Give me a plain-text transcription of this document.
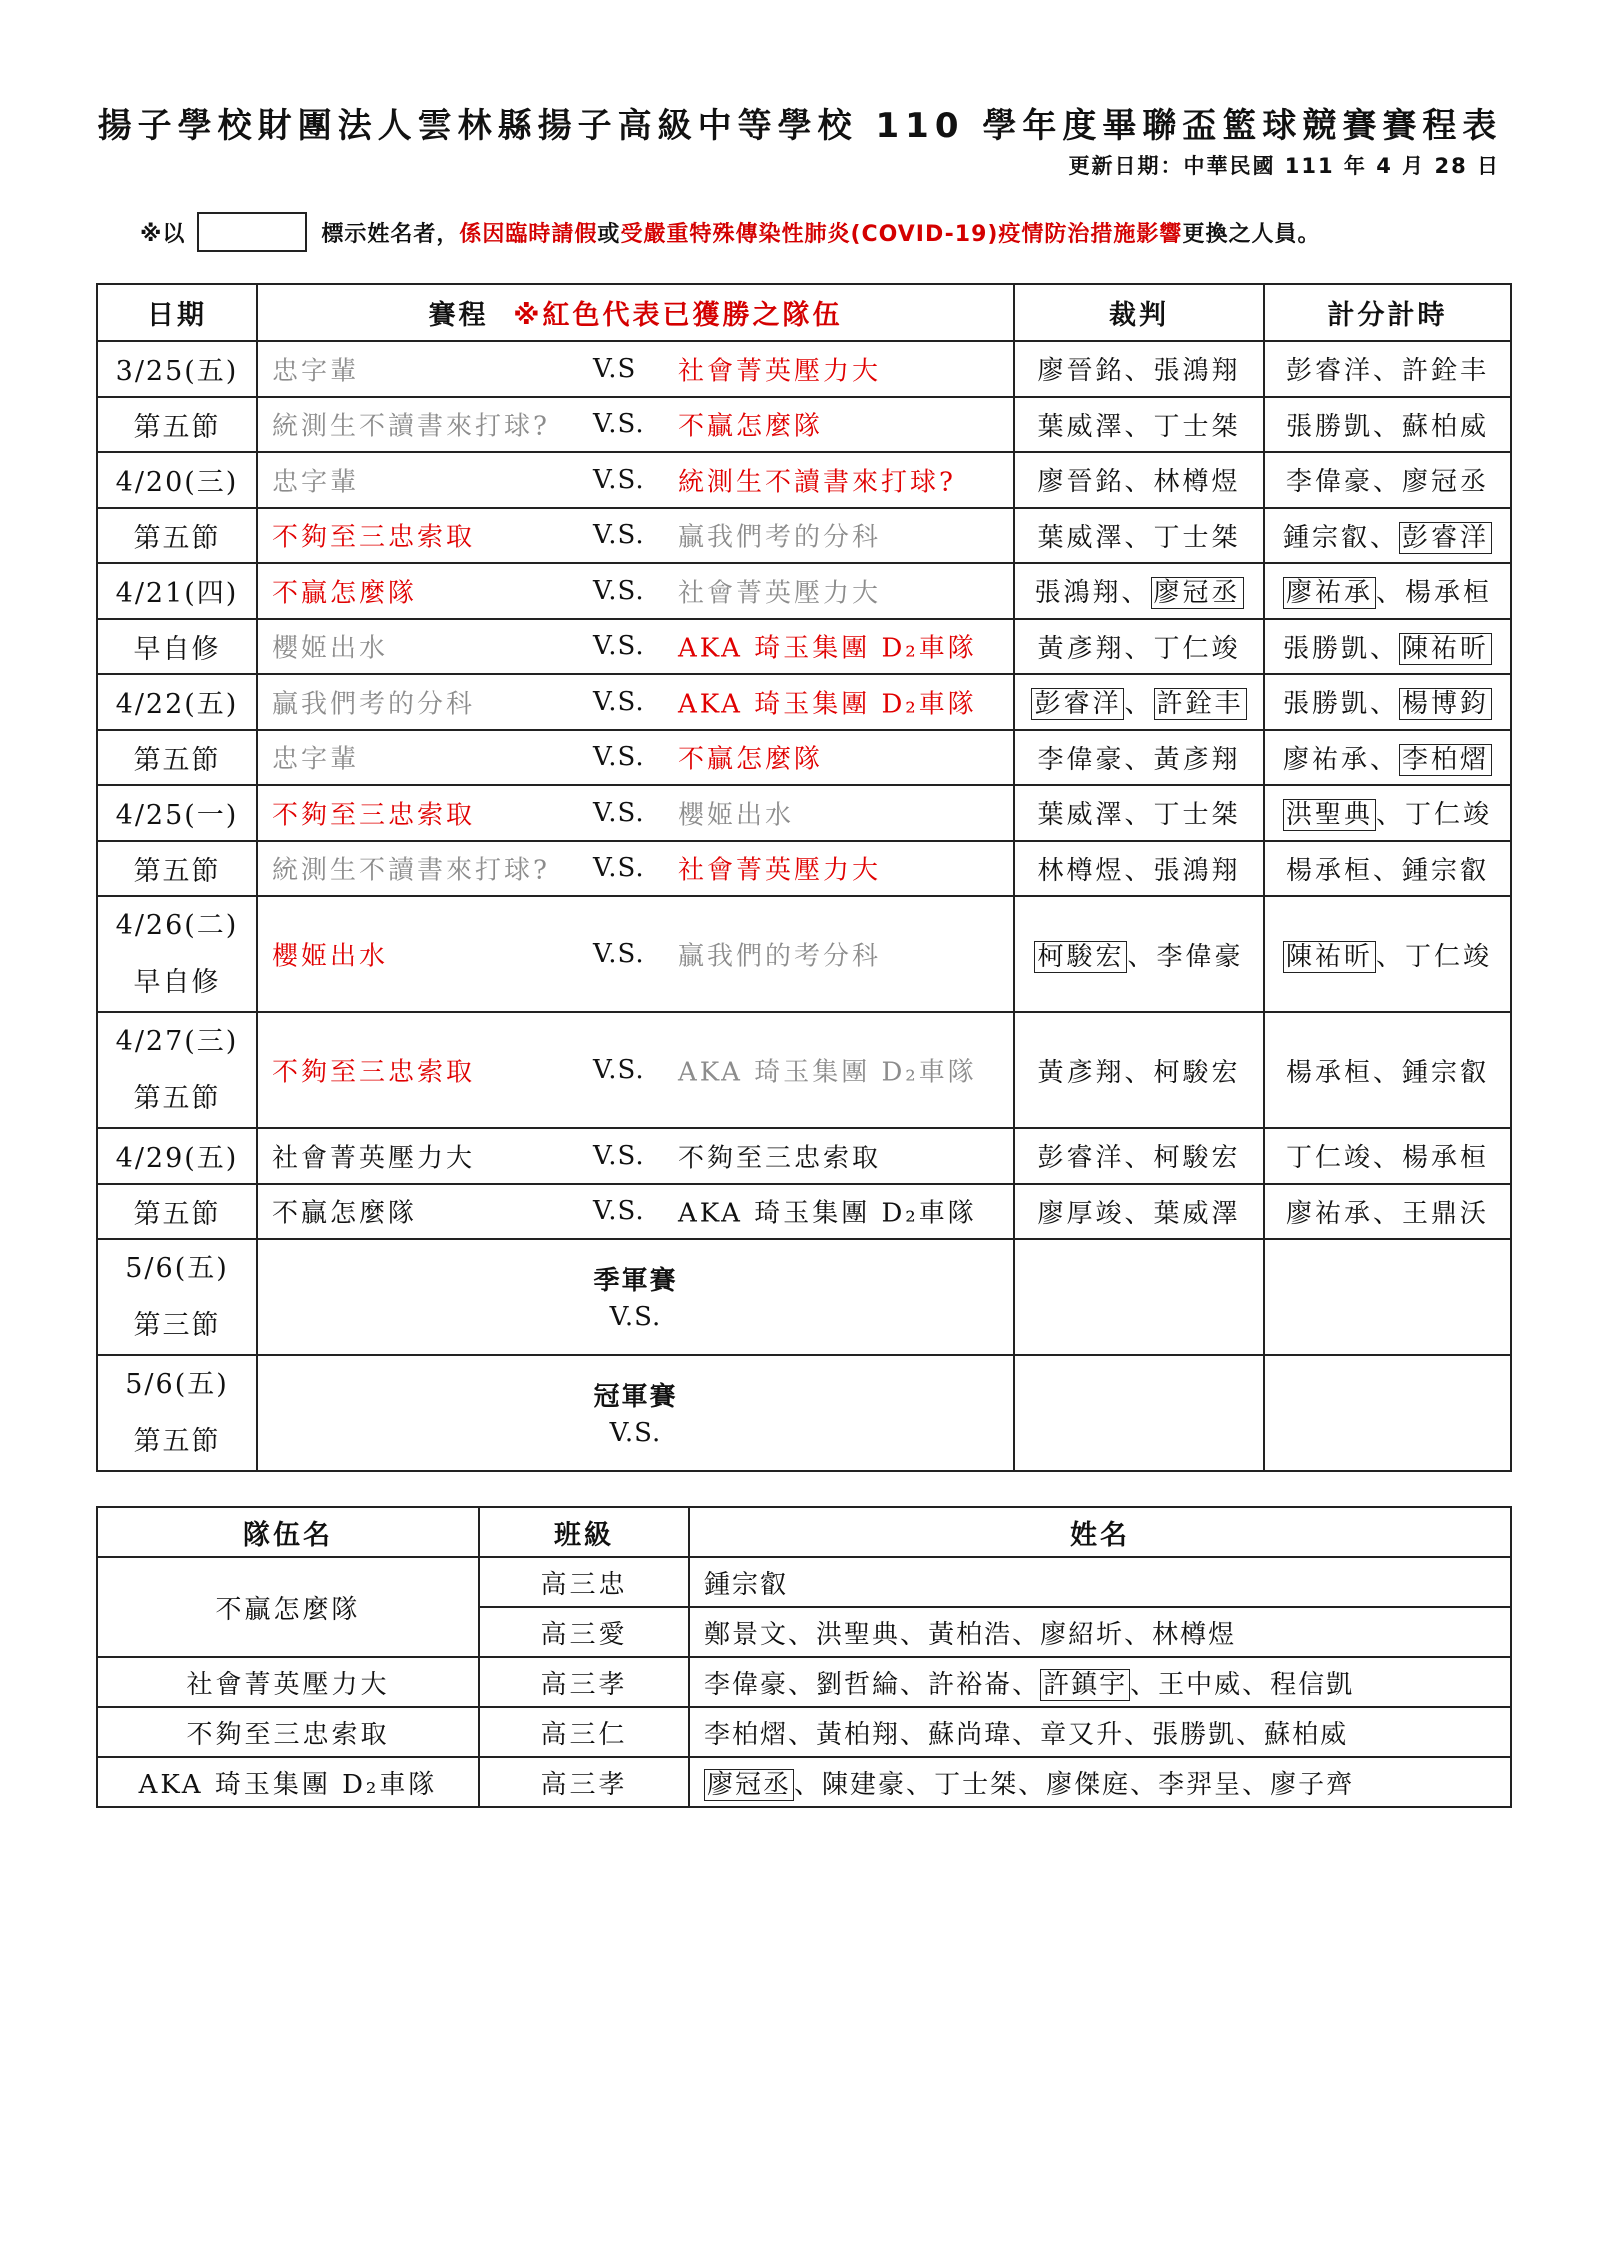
揚子學校財團法人雲林縣揚子高級中等學校 110 學年度畢聯盃籃球競賽賽程表
更新日期：中華民國 111 年 4 月 28 日
※以	標示姓名者， 係因臨時請假 或 受嚴重特殊傳染性肺炎(COVID-19)疫情防治措施影響 更換之人員。
日期	賽程 ※紅色代表已獲勝之隊伍	裁判	計分計時
3/25(五)	忠字輩 V.S 社會菁英壓力大	廖晉銘、張鴻翔	彭睿洋、許銓丰
第五節	統測生不讀書來打球? V.S. 不贏怎麼隊	葉威澤、丁士桀	張勝凱、蘇柏威
4/20(三)	忠字輩 V.S. 統測生不讀書來打球?	廖晉銘、林樽煜	李偉豪、廖冠丞
第五節	不夠至三忠索取 V.S. 贏我們考的分科	葉威澤、丁士桀	鍾宗叡、 彭睿洋
4/21(四)	不贏怎麼隊 V.S. 社會菁英壓力大	張鴻翔、 廖冠丞	廖祐承 、楊承桓
早自修	櫻姬出水 V.S. AKA 琦玉集團 D₂車隊	黃彥翔、丁仁竣	張勝凱、 陳祐昕
4/22(五)	贏我們考的分科 V.S. AKA 琦玉集團 D₂車隊	彭睿洋 、 許銓丰	張勝凱、 楊博鈞
第五節	忠字輩 V.S. 不贏怎麼隊	李偉豪、黃彥翔	廖祐承、 李柏熠
4/25(一)	不夠至三忠索取 V.S. 櫻姬出水	葉威澤、丁士桀	洪聖典 、丁仁竣
第五節	統測生不讀書來打球? V.S. 社會菁英壓力大	林樽煜、張鴻翔	楊承桓、鍾宗叡

4/26(二)
早自修	櫻姬出水 V.S. 贏我們的考分科	柯駿宏 、李偉豪	陳祐昕 、丁仁竣

4/27(三)
第五節	不夠至三忠索取 V.S. AKA 琦玉集團 D₂車隊	黃彥翔、柯駿宏	楊承桓、鍾宗叡
4/29(五)	社會菁英壓力大 V.S. 不夠至三忠索取	彭睿洋、柯駿宏	丁仁竣、楊承桓
第五節	不贏怎麼隊 V.S. AKA 琦玉集團 D₂車隊	廖厚竣、葉威澤	廖祐承、王鼎沃

5/6(五)
第三節	季軍賽
V.S.		

5/6(五)
第五節	冠軍賽
V.S.		

隊伍名	班級	姓名
不贏怎麼隊	高三忠	鍾宗叡
	高三愛	鄭景文、洪聖典、黃柏浩、廖紹圻、林樽煜
社會菁英壓力大	高三孝	李偉豪、劉哲綸、許裕崙、 許鎮宇 、王中威、程信凱
不夠至三忠索取	高三仁	李柏熠、黃柏翔、蘇尚瑋、章又升、張勝凱、蘇柏威
AKA 琦玉集團 D₂車隊	高三孝	廖冠丞 、陳建豪、丁士桀、廖傑庭、李羿呈、廖子齊
